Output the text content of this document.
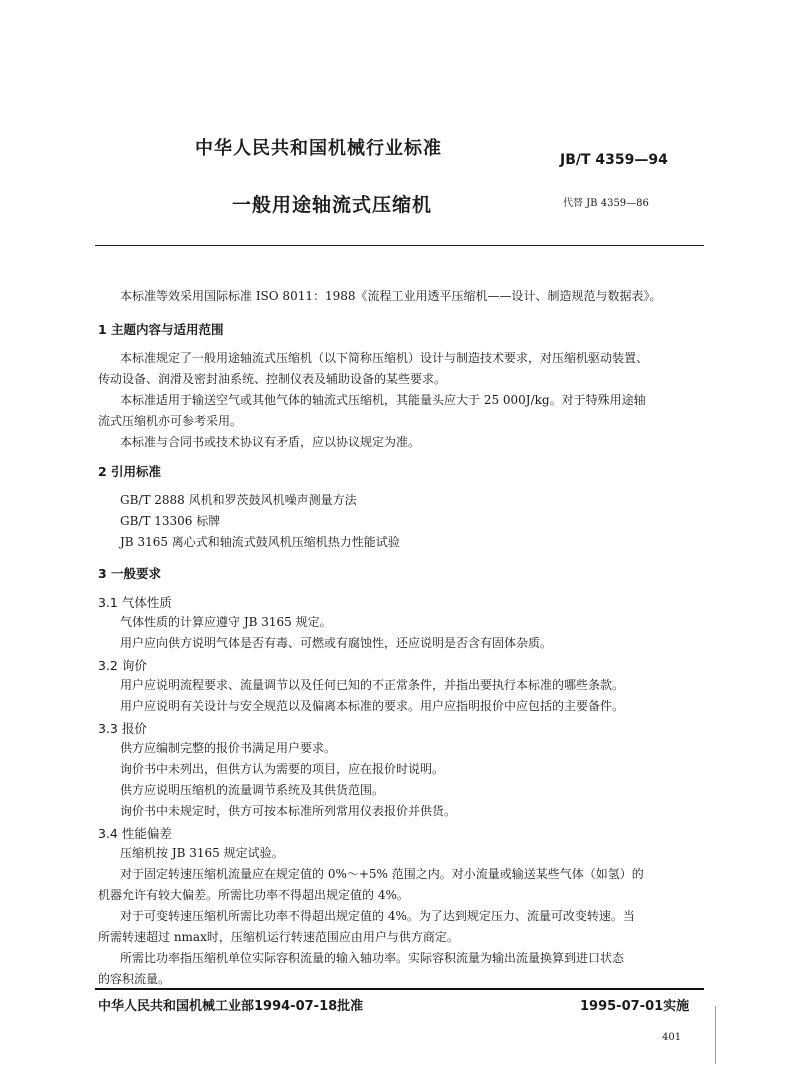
中华人民共和国机械行业标准
JB/T 4359—94
一般用途轴流式压缩机	代替 JB 4359—86
本标准等效采用国际标准 ISO 8011：1988《流程工业用透平压缩机——设计、制造规范与数据表》。
1 主题内容与适用范围
本标准规定了一般用途轴流式压缩机（以下简称压缩机）设计与制造技术要求，对压缩机驱动装置、
传动设备、润滑及密封油系统、控制仪表及辅助设备的某些要求。
本标准适用于输送空气或其他气体的轴流式压缩机，其能量头应大于 25 000J/kg。对于特殊用途轴
流式压缩机亦可参考采用。
本标准与合同书或技术协议有矛盾，应以协议规定为准。
2 引用标准
GB/T 2888 风机和罗茨鼓风机噪声测量方法
GB/T 13306 标牌
JB 3165 离心式和轴流式鼓风机压缩机热力性能试验
3 一般要求
3.1 气体性质
气体性质的计算应遵守 JB 3165 规定。
用户应向供方说明气体是否有毒、可燃或有腐蚀性，还应说明是否含有固体杂质。
3.2 询价
用户应说明流程要求、流量调节以及任何已知的不正常条件，并指出要执行本标准的哪些条款。
用户应说明有关设计与安全规范以及偏离本标准的要求。用户应指明报价中应包括的主要备件。
3.3 报价
供方应编制完整的报价书满足用户要求。
询价书中未列出，但供方认为需要的项目，应在报价时说明。
供方应说明压缩机的流量调节系统及其供货范围。
询价书中未规定时，供方可按本标准所列常用仪表报价并供货。
3.4 性能偏差
压缩机按 JB 3165 规定试验。
对于固定转速压缩机流量应在规定值的 0%～+5% 范围之内。对小流量或输送某些气体（如氢）的
机器允许有较大偏差。所需比功率不得超出规定值的 4%。
对于可变转速压缩机所需比功率不得超出规定值的 4%。为了达到规定压力、流量可改变转速。当
所需转速超过 nmax时，压缩机运行转速范围应由用户与供方商定。
所需比功率指压缩机单位实际容积流量的输入轴功率。实际容积流量为输出流量换算到进口状态
的容积流量。
中华人民共和国机械工业部1994-07-18批准	1995-07-01实施
401
